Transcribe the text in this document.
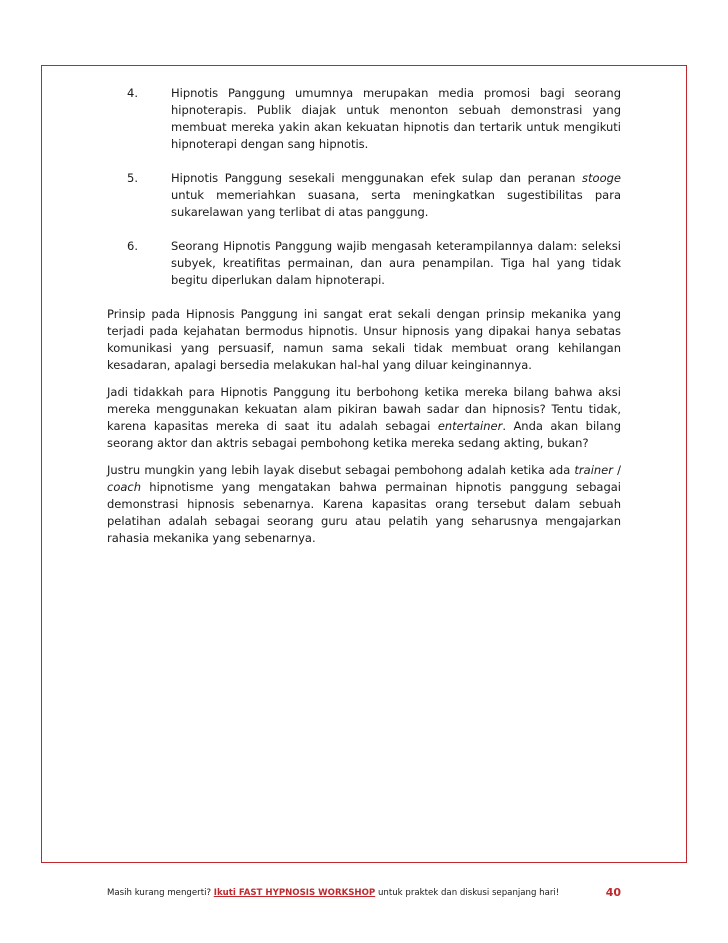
4.	Hipnotis Panggung umumnya merupakan media promosi bagi seorang hipnoterapis. Publik diajak untuk menonton sebuah demonstrasi yang membuat mereka yakin akan kekuatan hipnotis dan tertarik untuk mengikuti hipnoterapi dengan sang hipnotis.
5.	Hipnotis Panggung sesekali menggunakan efek sulap dan peranan stooge untuk memeriahkan suasana, serta meningkatkan sugestibilitas para sukarelawan yang terlibat di atas panggung.
6.	Seorang Hipnotis Panggung wajib mengasah keterampilannya dalam: seleksi subyek, kreatifitas permainan, dan aura penampilan. Tiga hal yang tidak begitu diperlukan dalam hipnoterapi.

Prinsip pada Hipnosis Panggung ini sangat erat sekali dengan prinsip mekanika yang terjadi pada kejahatan bermodus hipnotis. Unsur hipnosis yang dipakai hanya sebatas komunikasi yang persuasif, namun sama sekali tidak membuat orang kehilangan kesadaran, apalagi bersedia melakukan hal-hal yang diluar keinginannya.

Jadi tidakkah para Hipnotis Panggung itu berbohong ketika mereka bilang bahwa aksi mereka menggunakan kekuatan alam pikiran bawah sadar dan hipnosis? Tentu tidak, karena kapasitas mereka di saat itu adalah sebagai entertainer. Anda akan bilang seorang aktor dan aktris sebagai pembohong ketika mereka sedang akting, bukan?

Justru mungkin yang lebih layak disebut sebagai pembohong adalah ketika ada trainer / coach hipnotisme yang mengatakan bahwa permainan hipnotis panggung sebagai demonstrasi hipnosis sebenarnya. Karena kapasitas orang tersebut dalam sebuah pelatihan adalah sebagai seorang guru atau pelatih yang seharusnya mengajarkan rahasia mekanika yang sebenarnya.

Masih kurang mengerti? Ikuti FAST HYPNOSIS WORKSHOP untuk praktek dan diskusi sepanjang hari!	40
